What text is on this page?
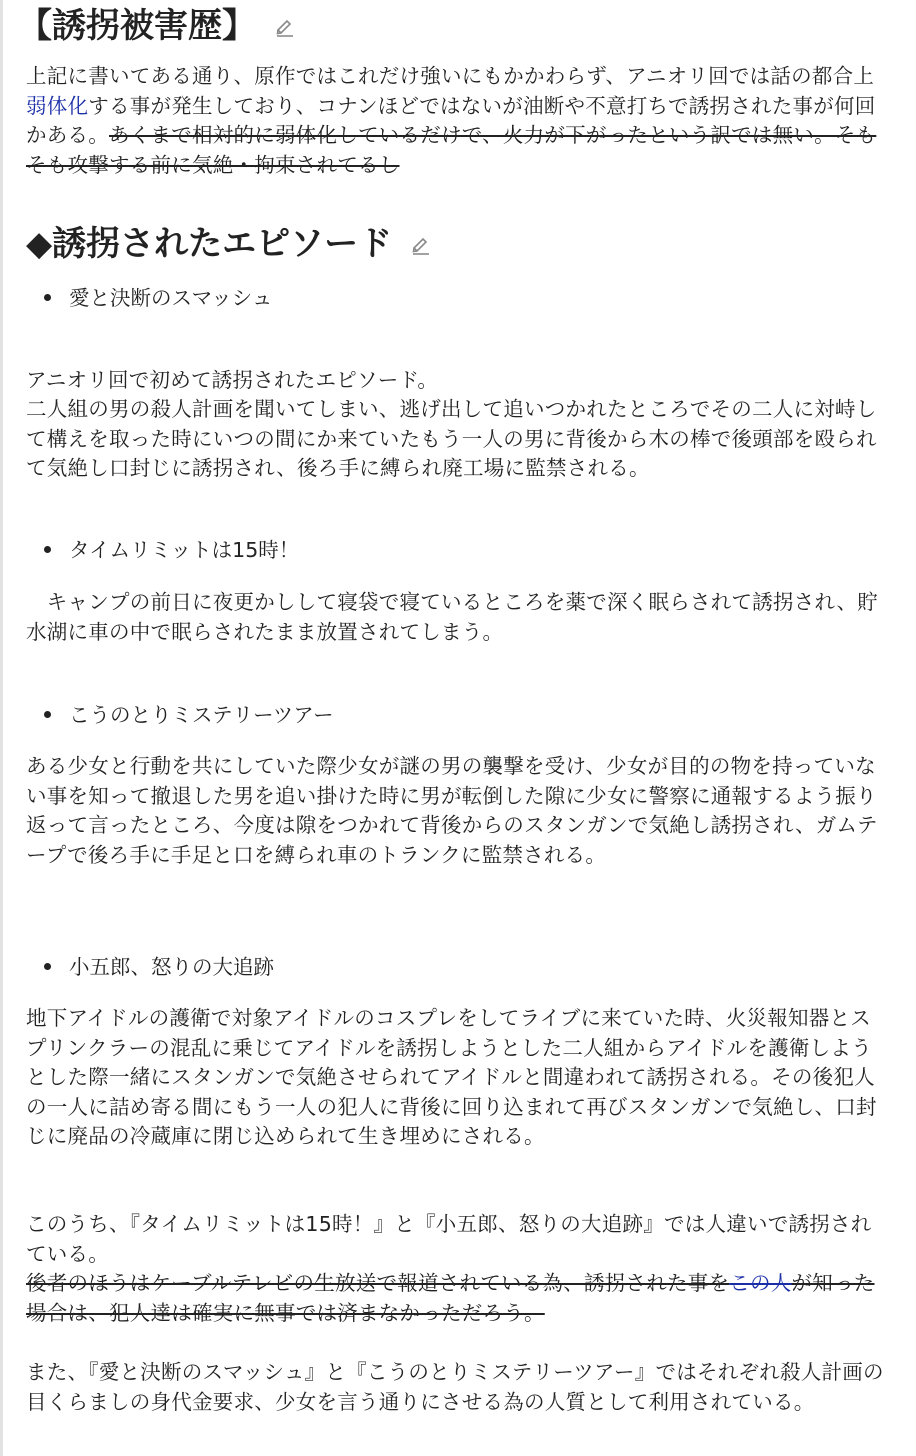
【誘拐被害歴】

上記に書いてある通り、原作ではこれだけ強いにもかかわらず、アニオリ回では話の都合上弱体化する事が発生しており、コナンほどではないが油断や不意打ちで誘拐された事が何回かある。あくまで相対的に弱体化しているだけで、火力が下がったという訳では無い。そもそも攻撃する前に気絶・拘束されてるし

◆誘拐されたエピソード
愛と決断のスマッシュ

アニオリ回で初めて誘拐されたエピソード。
二人組の男の殺人計画を聞いてしまい、逃げ出して追いつかれたところでその二人に対峙して構えを取った時にいつの間にか来ていたもう一人の男に背後から木の棒で後頭部を殴られて気絶し口封じに誘拐され、後ろ手に縛られ廃工場に監禁される。

タイムリミットは15時！

　キャンプの前日に夜更かしして寝袋で寝ているところを薬で深く眠らされて誘拐され、貯水湖に車の中で眠らされたまま放置されてしまう。

こうのとりミステリーツアー

ある少女と行動を共にしていた際少女が謎の男の襲撃を受け、少女が目的の物を持っていない事を知って撤退した男を追い掛けた時に男が転倒した隙に少女に警察に通報するよう振り返って言ったところ、今度は隙をつかれて背後からのスタンガンで気絶し誘拐され、ガムテープで後ろ手に手足と口を縛られ車のトランクに監禁される。

小五郎、怒りの大追跡

地下アイドルの護衛で対象アイドルのコスプレをしてライブに来ていた時、火災報知器とスプリンクラーの混乱に乗じてアイドルを誘拐しようとした二人組からアイドルを護衛しようとした際一緒にスタンガンで気絶させられてアイドルと間違われて誘拐される。その後犯人の一人に詰め寄る間にもう一人の犯人に背後に回り込まれて再びスタンガンで気絶し、口封じに廃品の冷蔵庫に閉じ込められて生き埋めにされる。

このうち、『タイムリミットは15時！』と『小五郎、怒りの大追跡』では人違いで誘拐されている。

後者のほうはケーブルテレビの生放送で報道されている為、誘拐された事をこの人が知った場合は、犯人達は確実に無事では済まなかっただろう。

また、『愛と決断のスマッシュ』と『こうのとりミステリーツアー』ではそれぞれ殺人計画の目くらましの身代金要求、少女を言う通りにさせる為の人質として利用されている。
